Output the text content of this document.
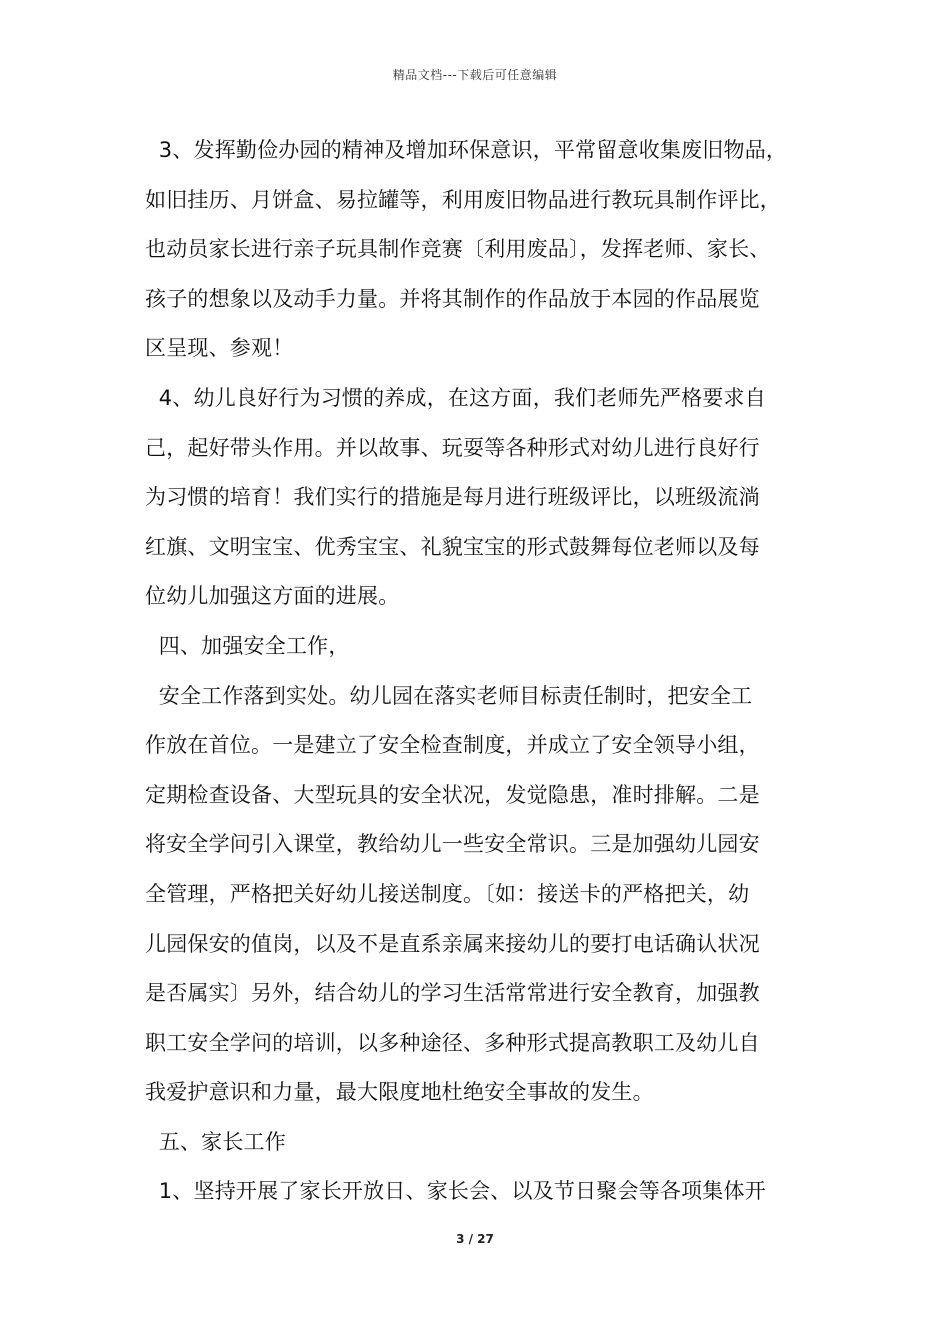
精品文档---下载后可任意编辑
3、发挥勤俭办园的精神及增加环保意识，平常留意收集废旧物品，
如旧挂历、月饼盒、易拉罐等，利用废旧物品进行教玩具制作评比，
也动员家长进行亲子玩具制作竞赛〔利用废品〕，发挥老师、家长、
孩子的想象以及动手力量。并将其制作的作品放于本园的作品展览
区呈现、参观！
4、幼儿良好行为习惯的养成，在这方面，我们老师先严格要求自
己，起好带头作用。并以故事、玩耍等各种形式对幼儿进行良好行
为习惯的培育！我们实行的措施是每月进行班级评比，以班级流淌
红旗、文明宝宝、优秀宝宝、礼貌宝宝的形式鼓舞每位老师以及每
位幼儿加强这方面的进展。
四、加强安全工作，
安全工作落到实处。幼儿园在落实老师目标责任制时，把安全工
作放在首位。一是建立了安全检查制度，并成立了安全领导小组，
定期检查设备、大型玩具的安全状况，发觉隐患，准时排解。二是
将安全学问引入课堂，教给幼儿一些安全常识。三是加强幼儿园安
全管理，严格把关好幼儿接送制度。〔如：接送卡的严格把关，幼
儿园保安的值岗，以及不是直系亲属来接幼儿的要打电话确认状况
是否属实〕另外，结合幼儿的学习生活常常进行安全教育，加强教
职工安全学问的培训，以多种途径、多种形式提高教职工及幼儿自
我爱护意识和力量，最大限度地杜绝安全事故的发生。
五、家长工作
1、坚持开展了家长开放日、家长会、以及节日聚会等各项集体开
3 / 27
